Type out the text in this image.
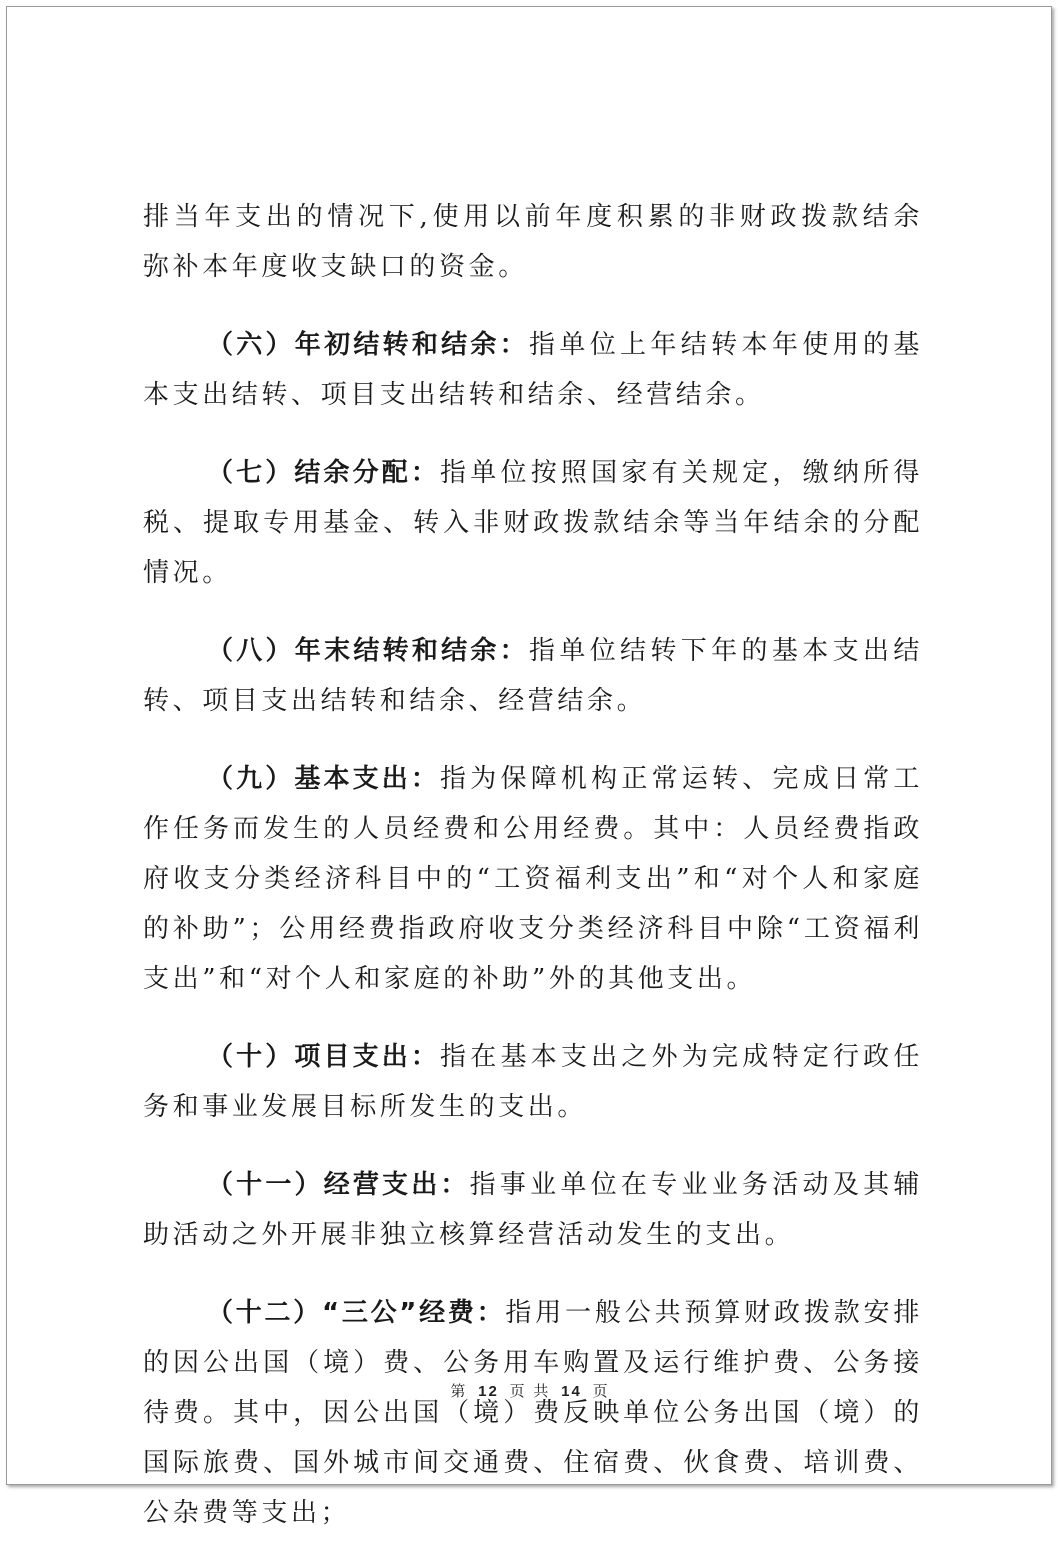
排当年支出的情况下,使用以前年度积累的非财政拨款结余弥补本年度收支缺口的资金。

（六）年初结转和结余：指单位上年结转本年使用的基本支出结转、项目支出结转和结余、经营结余。

（七）结余分配：指单位按照国家有关规定，缴纳所得税、提取专用基金、转入非财政拨款结余等当年结余的分配情况。

（八）年末结转和结余：指单位结转下年的基本支出结转、项目支出结转和结余、经营结余。

（九）基本支出：指为保障机构正常运转、完成日常工作任务而发生的人员经费和公用经费。其中：人员经费指政府收支分类经济科目中的“工资福利支出”和“对个人和家庭的补助”；公用经费指政府收支分类经济科目中除“工资福利支出”和“对个人和家庭的补助”外的其他支出。

（十）项目支出：指在基本支出之外为完成特定行政任务和事业发展目标所发生的支出。

（十一）经营支出：指事业单位在专业业务活动及其辅助活动之外开展非独立核算经营活动发生的支出。

（十二）“三公”经费：指用一般公共预算财政拨款安排的因公出国（境）费、公务用车购置及运行维护费、公务接待费。其中，因公出国（境）费反映单位公务出国（境）的国际旅费、国外城市间交通费、住宿费、伙食费、培训费、公杂费等支出；

第 12 页 共 14 页
